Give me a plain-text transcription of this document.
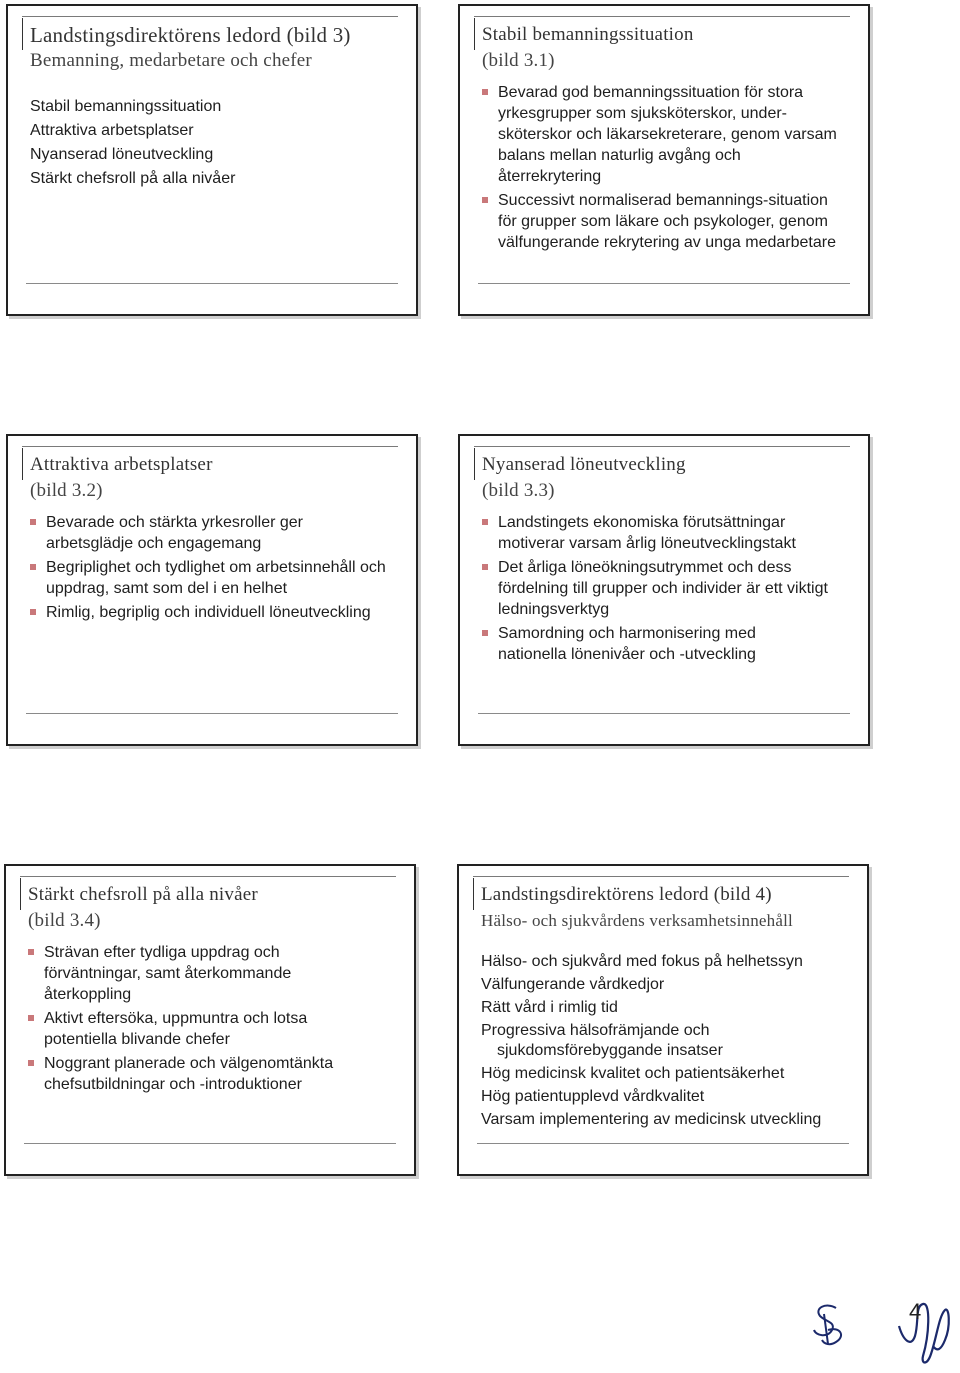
Landstingsdirektörens ledord (bild 3)
Bemanning, medarbetare och chefer
Stabil bemanningssituation
Attraktiva arbetsplatser
Nyanserad löneutveckling
Stärkt chefsroll på alla nivåer
Stabil bemanningssituation
(bild 3.1)
Bevarad god bemanningssituation för stora yrkesgrupper som sjuksköterskor, under-sköterskor och läkarsekreterare, genom varsam balans mellan naturlig avgång och återrekrytering
Successivt normaliserad bemannings-situation för grupper som läkare och psykologer, genom välfungerande rekrytering av unga medarbetare
Attraktiva arbetsplatser
(bild 3.2)
Bevarade och stärkta yrkesroller ger arbetsglädje och engagemang
Begriplighet och tydlighet om arbetsinnehåll och uppdrag, samt som del i en helhet
Rimlig, begriplig och individuell löneutveckling
Nyanserad löneutveckling
(bild 3.3)
Landstingets ekonomiska förutsättningar motiverar varsam årlig löneutvecklingstakt
Det årliga löneökningsutrymmet och dess fördelning till grupper och individer är ett viktigt ledningsverktyg
Samordning och harmonisering med nationella lönenivåer och -utveckling
Stärkt chefsroll på alla nivåer
(bild 3.4)
Strävan efter tydliga uppdrag och förväntningar, samt återkommande återkoppling
Aktivt eftersöka, uppmuntra och lotsa potentiella blivande chefer
Noggrant planerade och välgenomtänkta chefsutbildningar och -introduktioner
Landstingsdirektörens ledord (bild 4)
Hälso- och sjukvårdens verksamhetsinnehåll
Hälso- och sjukvård med fokus på helhetssyn
Välfungerande vårdkedjor
Rätt vård i rimlig tid
Progressiva hälsofrämjande och
sjukdomsförebyggande insatser
Hög medicinsk kvalitet och patientsäkerhet
Hög patientupplevd vårdkvalitet
Varsam implementering av medicinsk utveckling
4
